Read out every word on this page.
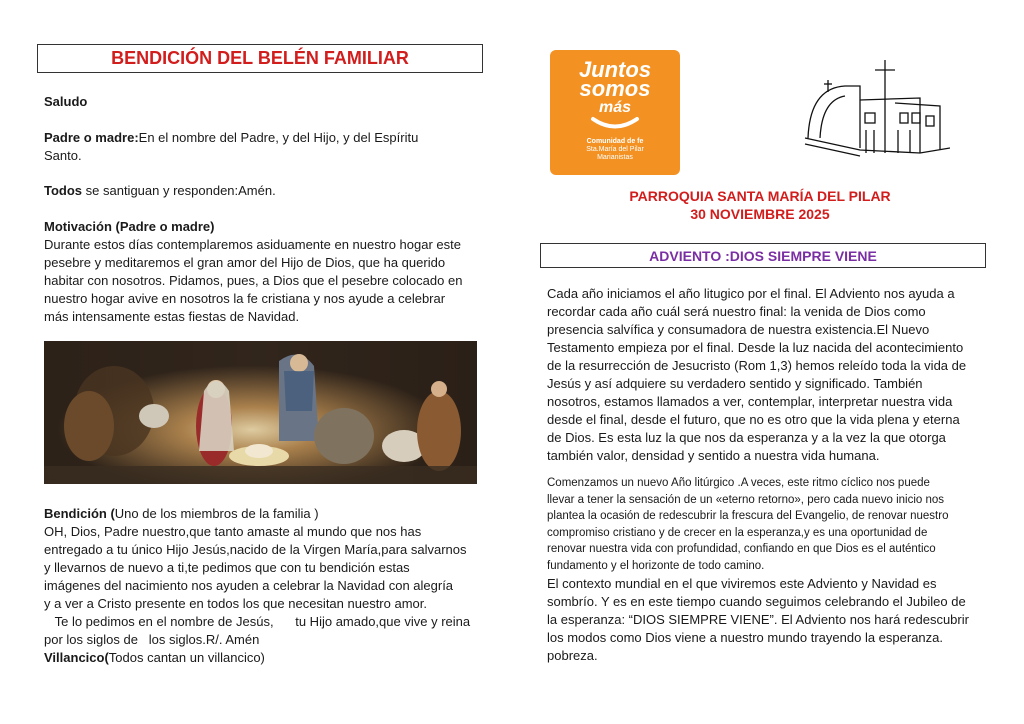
BENDICIÓN DEL BELÉN FAMILIAR
Saludo
Padre o madre:En el nombre del Padre, y del Hijo, y del Espíritu
Santo.
Todos se santiguan y responden:Amén.
Motivación (Padre o madre)
Durante estos días contemplaremos asiduamente en nuestro hogar este
pesebre y meditaremos el gran amor del Hijo de Dios, que ha querido
habitar con nosotros. Pidamos, pues, a Dios que el pesebre colocado en
nuestro hogar avive en nosotros la fe cristiana y nos ayude a celebrar
más intensamente estas fiestas de Navidad.
Bendición (Uno de los miembros de la familia )
OH, Dios, Padre nuestro,que tanto amaste al mundo que nos has
entregado a tu único Hijo Jesús,nacido de la Virgen María,para salvarnos
y llevarnos de nuevo a ti,te pedimos que con tu bendición estas
imágenes del nacimiento nos ayuden a celebrar la Navidad con alegría
y a ver a Cristo presente en todos los que necesitan nuestro amor.
Te lo pedimos en el nombre de Jesús,      tu Hijo amado,que vive y reina
por los siglos de   los siglos.R/. Amén
Villancico(Todos cantan un villancico)
Juntos
somos
más
Comunidad de fe
Sta.María del Pilar
Marianistas
PARROQUIA SANTA MARÍA DEL PILAR
30 NOVIEMBRE 2025
ADVIENTO :DIOS SIEMPRE VIENE
Cada año iniciamos el año litugico por el final. El Adviento nos ayuda a
recordar cada año cuál será nuestro final: la venida de Dios como
presencia salvífica y consumadora de nuestra existencia.El Nuevo
Testamento empieza por el final. Desde la luz nacida del acontecimiento
de la resurrección de Jesucristo (Rom 1,3) hemos releído toda la vida de
Jesús y así adquiere su verdadero sentido y significado. También
nosotros, estamos llamados a ver, contemplar, interpretar nuestra vida
desde el final, desde el futuro, que no es otro que la vida plena y eterna
de Dios. Es esta luz la que nos da esperanza y a la vez la que otorga
también valor, densidad y sentido a nuestra vida humana.
Comenzamos un nuevo Año litúrgico .A veces, este ritmo cíclico nos puede
llevar a tener la sensación de un «eterno retorno», pero cada nuevo inicio nos
plantea la ocasión de redescubrir la frescura del Evangelio, de renovar nuestro
compromiso cristiano y de crecer en la esperanza,y es una oportunidad de
renovar nuestra vida con profundidad, confiando en que Dios es el auténtico
fundamento y el horizonte de todo camino.
El contexto mundial en el que viviremos este Adviento y Navidad es
sombrío. Y es en este tiempo cuando seguimos celebrando el Jubileo de
la esperanza: “DIOS SIEMPRE VIENE”. El Adviento nos hará redescubrir
los modos como Dios viene a nuestro mundo trayendo la esperanza.
pobreza.
